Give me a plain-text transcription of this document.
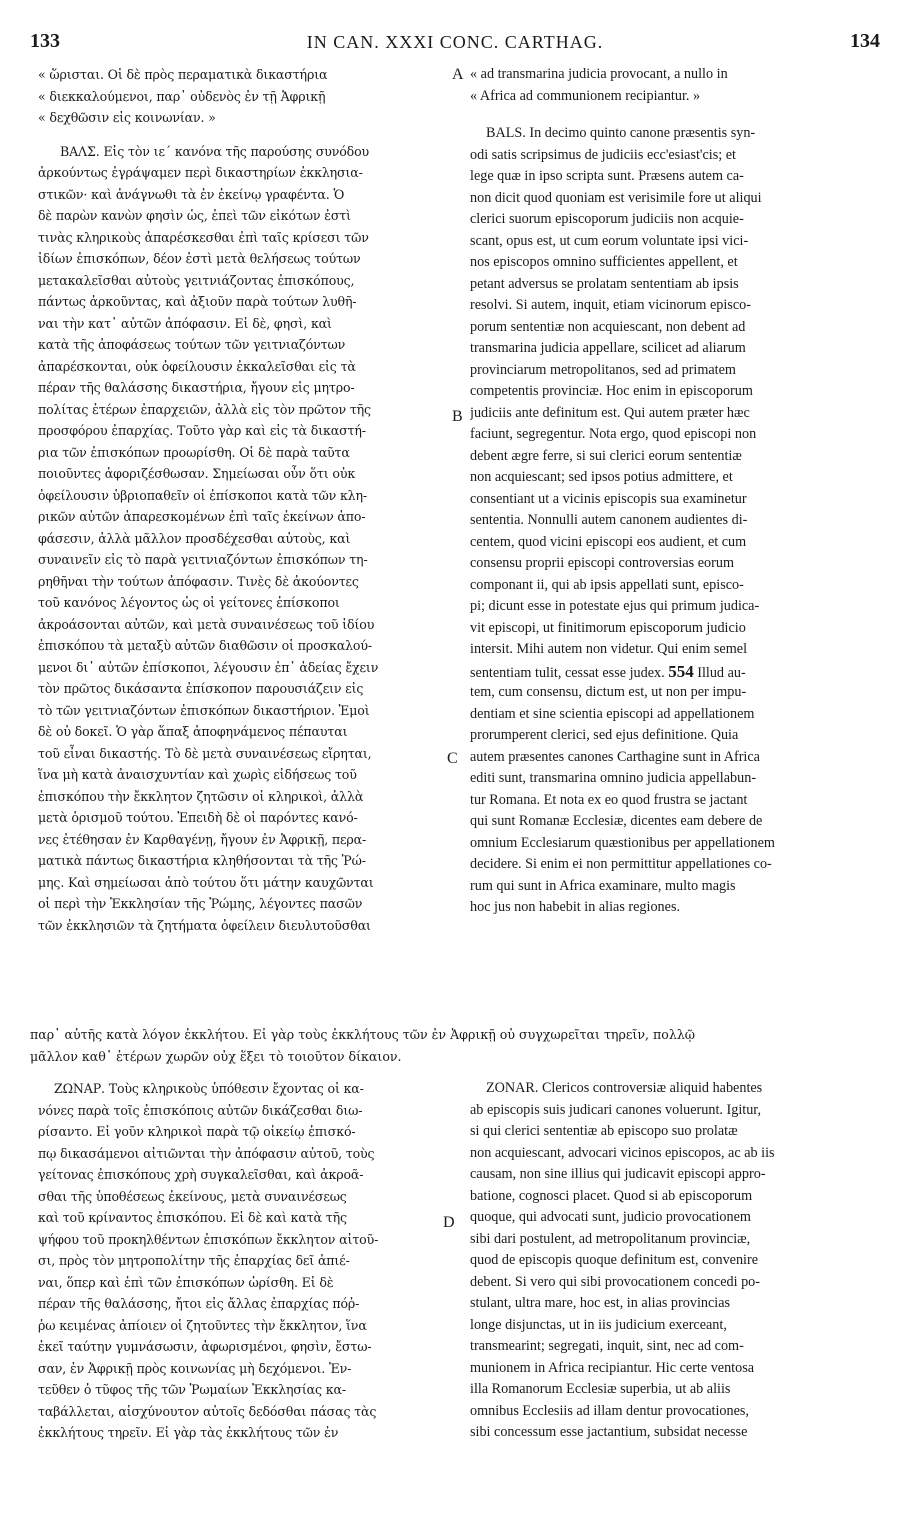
133	IN CAN. XXXI CONC. CARTHAG.	134
« ὥρισται. Οἱ δὲ πρὸς περαματικὰ δικαστήρια
« διεκκαλούμενοι, παρ᾽ οὐδενὸς ἐν τῇ Ἀφρικῇ
« δεχθῶσιν εἰς κοινωνίαν. »
ΒΑΛΣ. Εἰς τὸν ιε΄ κανόνα τῆς παρούσης συνόδου
ἀρκούντως ἐγράψαμεν περὶ δικαστηρίων ἐκκλησια-
στικῶν· καὶ ἀνάγνωθι τὰ ἐν ἐκείνῳ γραφέντα. Ὁ
δὲ παρὼν κανὼν φησὶν ὡς, ἐπεὶ τῶν εἰκότων ἐστὶ
τινὰς κληρικοὺς ἀπαρέσκεσθαι ἐπὶ ταῖς κρίσεσι τῶν
ἰδίων ἐπισκόπων, δέον ἐστὶ μετὰ θελήσεως τούτων
μετακαλεῖσθαι αὐτοὺς γειτνιάζοντας ἐπισκόπους,
πάντως ἀρκοῦντας, καὶ ἀξιοῦν παρὰ τούτων λυθῆ-
ναι τὴν κατ᾽ αὐτῶν ἀπόφασιν. Εἰ δὲ, φησὶ, καὶ
κατὰ τῆς ἀποφάσεως τούτων τῶν γειτνιαζόντων
ἀπαρέσκονται, οὐκ ὀφείλουσιν ἐκκαλεῖσθαι εἰς τὰ
πέραν τῆς θαλάσσης δικαστήρια, ἤγουν εἰς μητρο-
πολίτας ἑτέρων ἐπαρχειῶν, ἀλλὰ εἰς τὸν πρῶτον τῆς
προσφόρου ἐπαρχίας. Τοῦτο γὰρ καὶ εἰς τὰ δικαστή-
ρια τῶν ἐπισκόπων προωρίσθη. Οἱ δὲ παρὰ ταῦτα
ποιοῦντες ἀφοριζέσθωσαν. Σημείωσαι οὖν ὅτι οὐκ
ὀφείλουσιν ὑβριοπαθεῖν οἱ ἐπίσκοποι κατὰ τῶν κλη-
ρικῶν αὐτῶν ἀπαρεσκομένων ἐπὶ ταῖς ἐκείνων ἀπο-
φάσεσιν, ἀλλὰ μᾶλλον προσδέχεσθαι αὐτοὺς, καὶ
συναινεῖν εἰς τὸ παρὰ γειτνιαζόντων ἐπισκόπων τη-
ρηθῆναι τὴν τούτων ἀπόφασιν. Τινὲς δὲ ἀκούοντες
τοῦ κανόνος λέγοντος ὡς οἱ γείτονες ἐπίσκοποι
ἀκροάσονται αὐτῶν, καὶ μετὰ συναινέσεως τοῦ ἰδίου
ἐπισκόπου τὰ μεταξὺ αὐτῶν διαθῶσιν οἱ προσκαλού-
μενοι δι᾽ αὐτῶν ἐπίσκοποι, λέγουσιν ἐπ᾽ ἀδείας ἔχειν
τὸν πρῶτος δικάσαντα ἐπίσκοπον παρουσιάζειν εἰς
τὸ τῶν γειτνιαζόντων ἐπισκόπων δικαστήριον. Ἐμοὶ
δὲ οὐ δοκεῖ. Ὁ γὰρ ἅπαξ ἀποφηνάμενος πέπαυται
τοῦ εἶναι δικαστής. Τὸ δὲ μετὰ συναινέσεως εἴρηται,
ἵνα μὴ κατὰ ἀναισχυντίαν καὶ χωρὶς εἰδήσεως τοῦ
ἐπισκόπου τὴν ἔκκλητον ζητῶσιν οἱ κληρικοὶ, ἀλλὰ
μετὰ ὁρισμοῦ τούτου. Ἐπειδὴ δὲ οἱ παρόντες κανό-
νες ἐτέθησαν ἐν Καρθαγένῃ, ἤγουν ἐν Ἀφρικῇ, περα-
ματικὰ πάντως δικαστήρια κληθήσονται τὰ τῆς Ῥώ-
μης. Καὶ σημείωσαι ἀπὸ τούτου ὅτι μάτην καυχῶνται
οἱ περὶ τὴν Ἐκκλησίαν τῆς Ῥώμης, λέγοντες πασῶν
τῶν ἐκκλησιῶν τὰ ζητήματα ὀφείλειν διευλυτοῦσθαι
« ad transmarina judicia provocant, a nullo in
« Africa ad communionem recipiantur. »
BALS. In decimo quinto canone præsentis syn-
odi satis scripsimus de judiciis ecc'esiast'cis; et
lege quæ in ipso scripta sunt. Præsens autem ca-
non dicit quod quoniam est verisimile fore ut aliqui
clerici suorum episcoporum judiciis non acquie-
scant, opus est, ut cum eorum voluntate ipsi vici-
nos episcopos omnino sufficientes appellent, et
petant adversus se prolatam sententiam ab ipsis
resolvi. Si autem, inquit, etiam vicinorum episco-
porum sententiæ non acquiescant, non debent ad
transmarina judicia appellare, scilicet ad aliarum
provinciarum metropolitanos, sed ad primatem
competentis provinciæ. Hoc enim in episcoporum
judiciis ante definitum est. Qui autem præter hæc
faciunt, segregentur. Nota ergo, quod episcopi non
debent ægre ferre, si sui clerici eorum sententiæ
non acquiescant; sed ipsos potius admittere, et
consentiant ut a vicinis episcopis sua examinetur
sententia. Nonnulli autem canonem audientes di-
centem, quod vicini episcopi eos audient, et cum
consensu proprii episcopi controversias eorum
componant ii, qui ab ipsis appellati sunt, episco-
pi; dicunt esse in potestate ejus qui primum judica-
vit episcopi, ut finitimorum episcoporum judicio
intersit. Mihi autem non videtur. Qui enim semel
sententiam tulit, cessat esse judex. 554 Illud au-
tem, cum consensu, dictum est, ut non per impu-
dentiam et sine scientia episcopi ad appellationem
prorumperent clerici, sed ejus definitione. Quia
autem præsentes canones Carthagine sunt in Africa
editi sunt, transmarina omnino judicia appellabun-
tur Romana. Et nota ex eo quod frustra se jactant
qui sunt Romanæ Ecclesiæ, dicentes eam debere de
omnium Ecclesiarum quæstionibus per appellationem
decidere. Si enim ei non permittitur appellationes co-
rum qui sunt in Africa examinare, multo magis
hoc jus non habebit in alias regiones.
παρ᾽ αὐτῆς κατὰ λόγον ἐκκλήτου. Εἰ γὰρ τοὺς ἐκκλήτους τῶν ἐν Ἀφρικῇ οὐ συγχωρεῖται τηρεῖν, πολλῷ
μᾶλλον καθ᾽ ἑτέρων χωρῶν οὐχ ἕξει τὸ τοιοῦτον δίκαιον.
ΖΩΝΑΡ. Τοὺς κληρικοὺς ὑπόθεσιν ἔχοντας οἱ κα-
νόνες παρὰ τοῖς ἐπισκόποις αὐτῶν δικάζεσθαι διω-
ρίσαντο. Εἰ γοῦν κληρικοὶ παρὰ τῷ οἰκείῳ ἐπισκό-
πῳ δικασάμενοι αἰτιῶνται τὴν ἀπόφασιν αὐτοῦ, τοὺς
γείτονας ἐπισκόπους χρὴ συγκαλεῖσθαι, καὶ ἀκροᾶ-
σθαι τῆς ὑποθέσεως ἐκείνους, μετὰ συναινέσεως
καὶ τοῦ κρίναντος ἐπισκόπου. Εἰ δὲ καὶ κατὰ τῆς
ψήφου τοῦ προκηλθέντων ἐπισκόπων ἔκκλητον αἰτοῦ-
σι, πρὸς τὸν μητροπολίτην τῆς ἐπαρχίας δεῖ ἀπιέ-
ναι, ὅπερ καὶ ἐπὶ τῶν ἐπισκόπων ὡρίσθη. Εἰ δὲ
πέραν τῆς θαλάσσης, ἤτοι εἰς ἄλλας ἐπαρχίας πόῤ-
ῥω κειμένας ἀπίοιεν οἱ ζητοῦντες τὴν ἔκκλητον, ἵνα
ἐκεῖ ταύτην γυμνάσωσιν, ἀφωρισμένοι, φησὶν, ἔστω-
σαν, ἐν Ἀφρικῇ πρὸς κοινωνίας μὴ δεχόμενοι. Ἐν-
τεῦθεν ὁ τῦφος τῆς τῶν Ῥωμαίων Ἐκκλησίας κα-
ταβάλλεται, αἰσχύνουτον αὐτοῖς δεδόσθαι πάσας τὰς
ἐκκλήτους τηρεῖν. Εἰ γὰρ τὰς ἐκκλήτους τῶν ἐν
ZONAR. Clericos controversiæ aliquid habentes
ab episcopis suis judicari canones voluerunt. Igitur,
si qui clerici sententiæ ab episcopo suo prolatæ
non acquiescant, advocari vicinos episcopos, ac ab iis
causam, non sine illius qui judicavit episcopi appro-
batione, cognosci placet. Quod si ab episcoporum
quoque, qui advocati sunt, judicio provocationem
sibi dari postulent, ad metropolitanum provinciæ,
quod de episcopis quoque definitum est, convenire
debent. Si vero qui sibi provocationem concedi po-
stulant, ultra mare, hoc est, in alias provincias
longe disjunctas, ut in iis judicium exerceant,
transmearint; segregati, inquit, sint, nec ad com-
munionem in Africa recipiantur. Hic certe ventosa
illa Romanorum Ecclesiæ superbia, ut ab aliis
omnibus Ecclesiis ad illam dentur provocationes,
sibi concessum esse jactantium, subsidat necesse
A
B
C
D
